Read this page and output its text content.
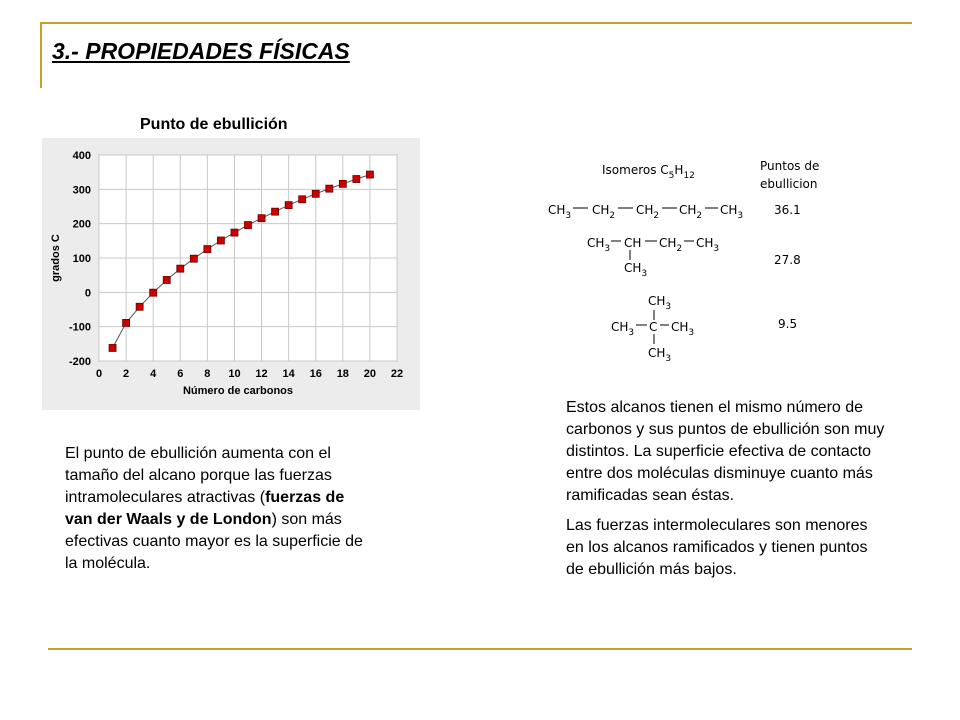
3.- PROPIEDADES FÍSICAS
Punto de ebullición
0 2 4 6 8 10 12 14 16 18 20 22
-200
-100
0
100
200
300
400
Número de carbonos
grados C
El punto de ebullición aumenta con el tamaño del alcano porque las fuerzas intramoleculares atractivas (fuerzas de van der Waals y de London) son más efectivas cuanto mayor es la superficie de la molécula.

Estos alcanos tienen el mismo número de carbonos y sus puntos de ebullición son muy distintos. La superficie efectiva de contacto entre dos moléculas disminuye cuanto más ramificadas sean éstas.

Las fuerzas intermoleculares son menores en los alcanos ramificados y tienen puntos de ebullición más bajos.

Isomeros $C_5H_{12}$
Puntos de
ebullicion
$CH_3$ $CH_2$ $CH_2$ $CH_2$ $CH_3$	36.1
$CH_3$ CH $CH_2$ $CH_3$
$CH_3$
27.8
$CH_3$
$CH_3$ C $CH_3$
$CH_3$
9.5
